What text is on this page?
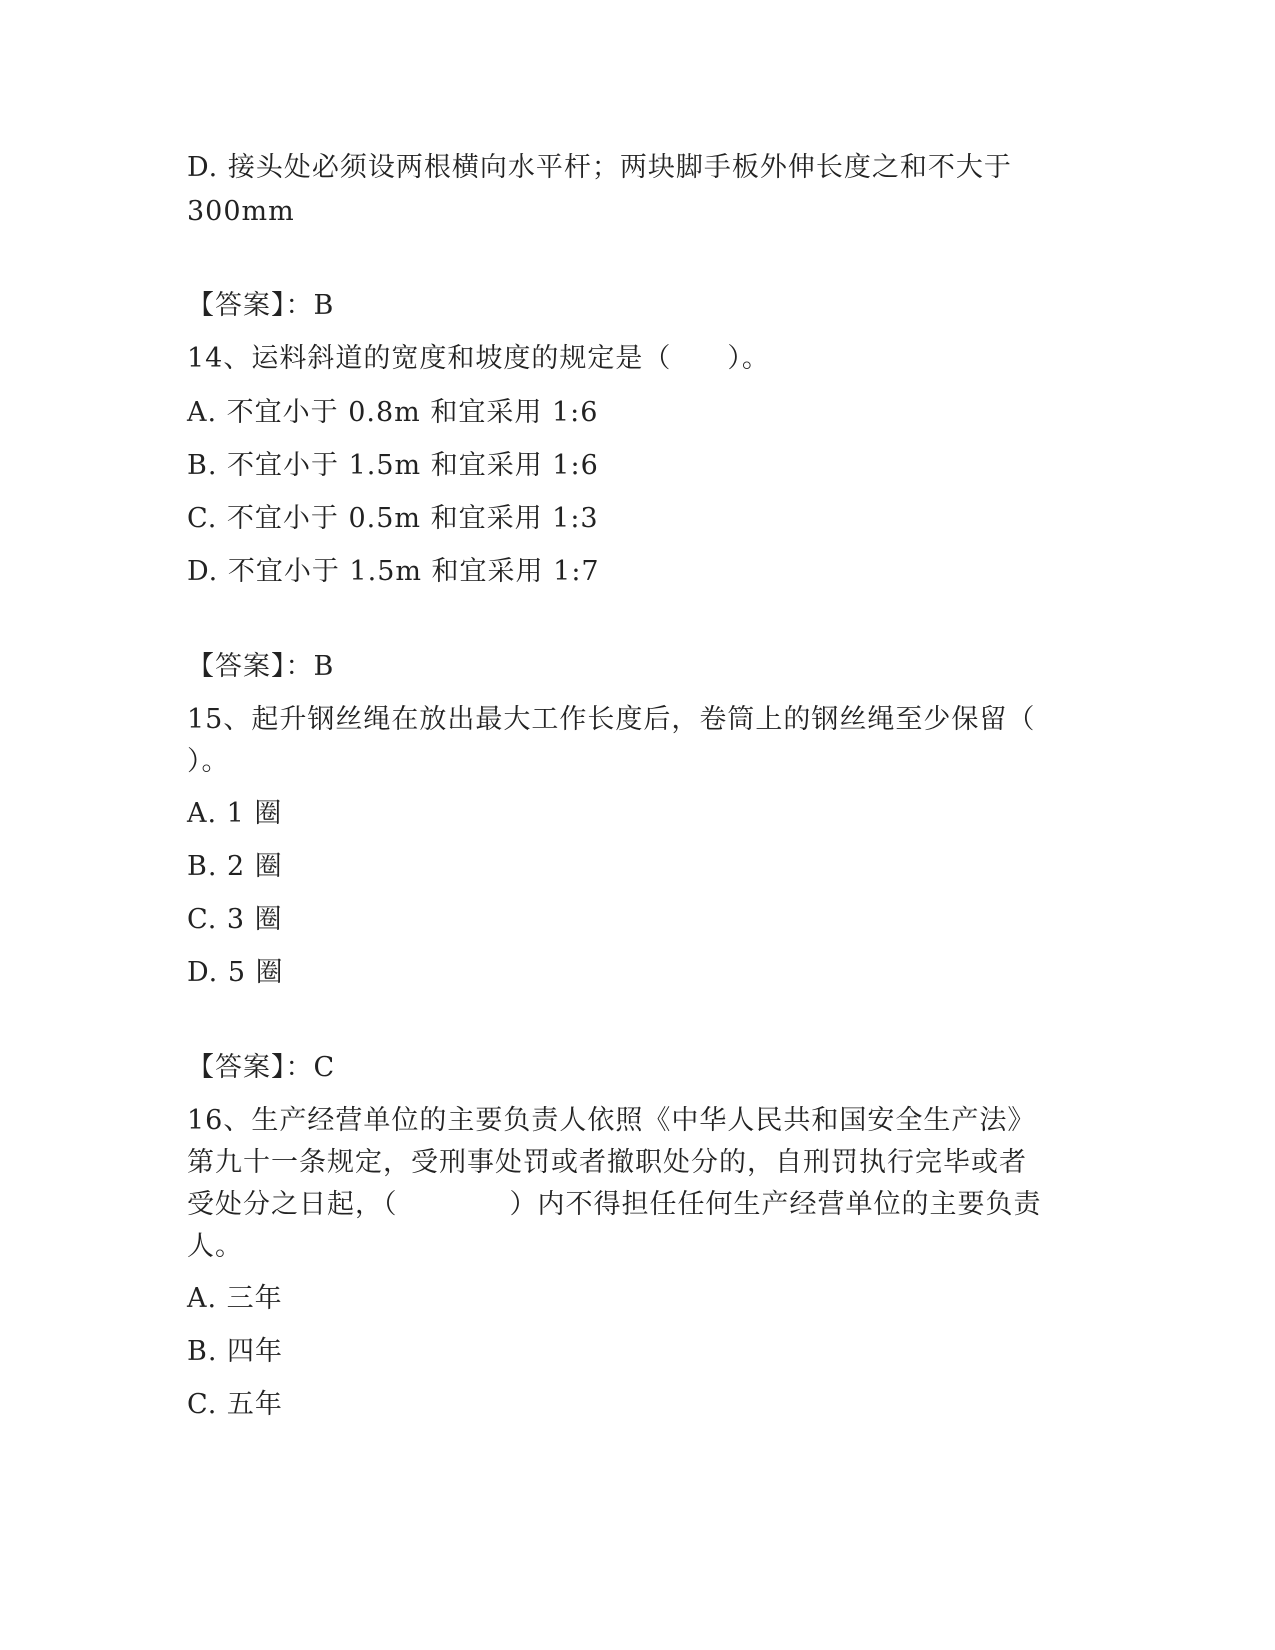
D. 接头处必须设两根横向水平杆；两块脚手板外伸长度之和不大于
300mm
【答案】：B
14、运料斜道的宽度和坡度的规定是（　　）。
A. 不宜小于 0.8m 和宜采用 1:6
B. 不宜小于 1.5m 和宜采用 1:6
C. 不宜小于 0.5m 和宜采用 1:3
D. 不宜小于 1.5m 和宜采用 1:7
【答案】：B
15、起升钢丝绳在放出最大工作长度后，卷筒上的钢丝绳至少保留（
）。
A. 1 圈
B. 2 圈
C. 3 圈
D. 5 圈
【答案】：C
16、生产经营单位的主要负责人依照《中华人民共和国安全生产法》
第九十一条规定，受刑事处罚或者撤职处分的，自刑罚执行完毕或者
受处分之日起，（　　　　）内不得担任任何生产经营单位的主要负责
人。
A. 三年
B. 四年
C. 五年
